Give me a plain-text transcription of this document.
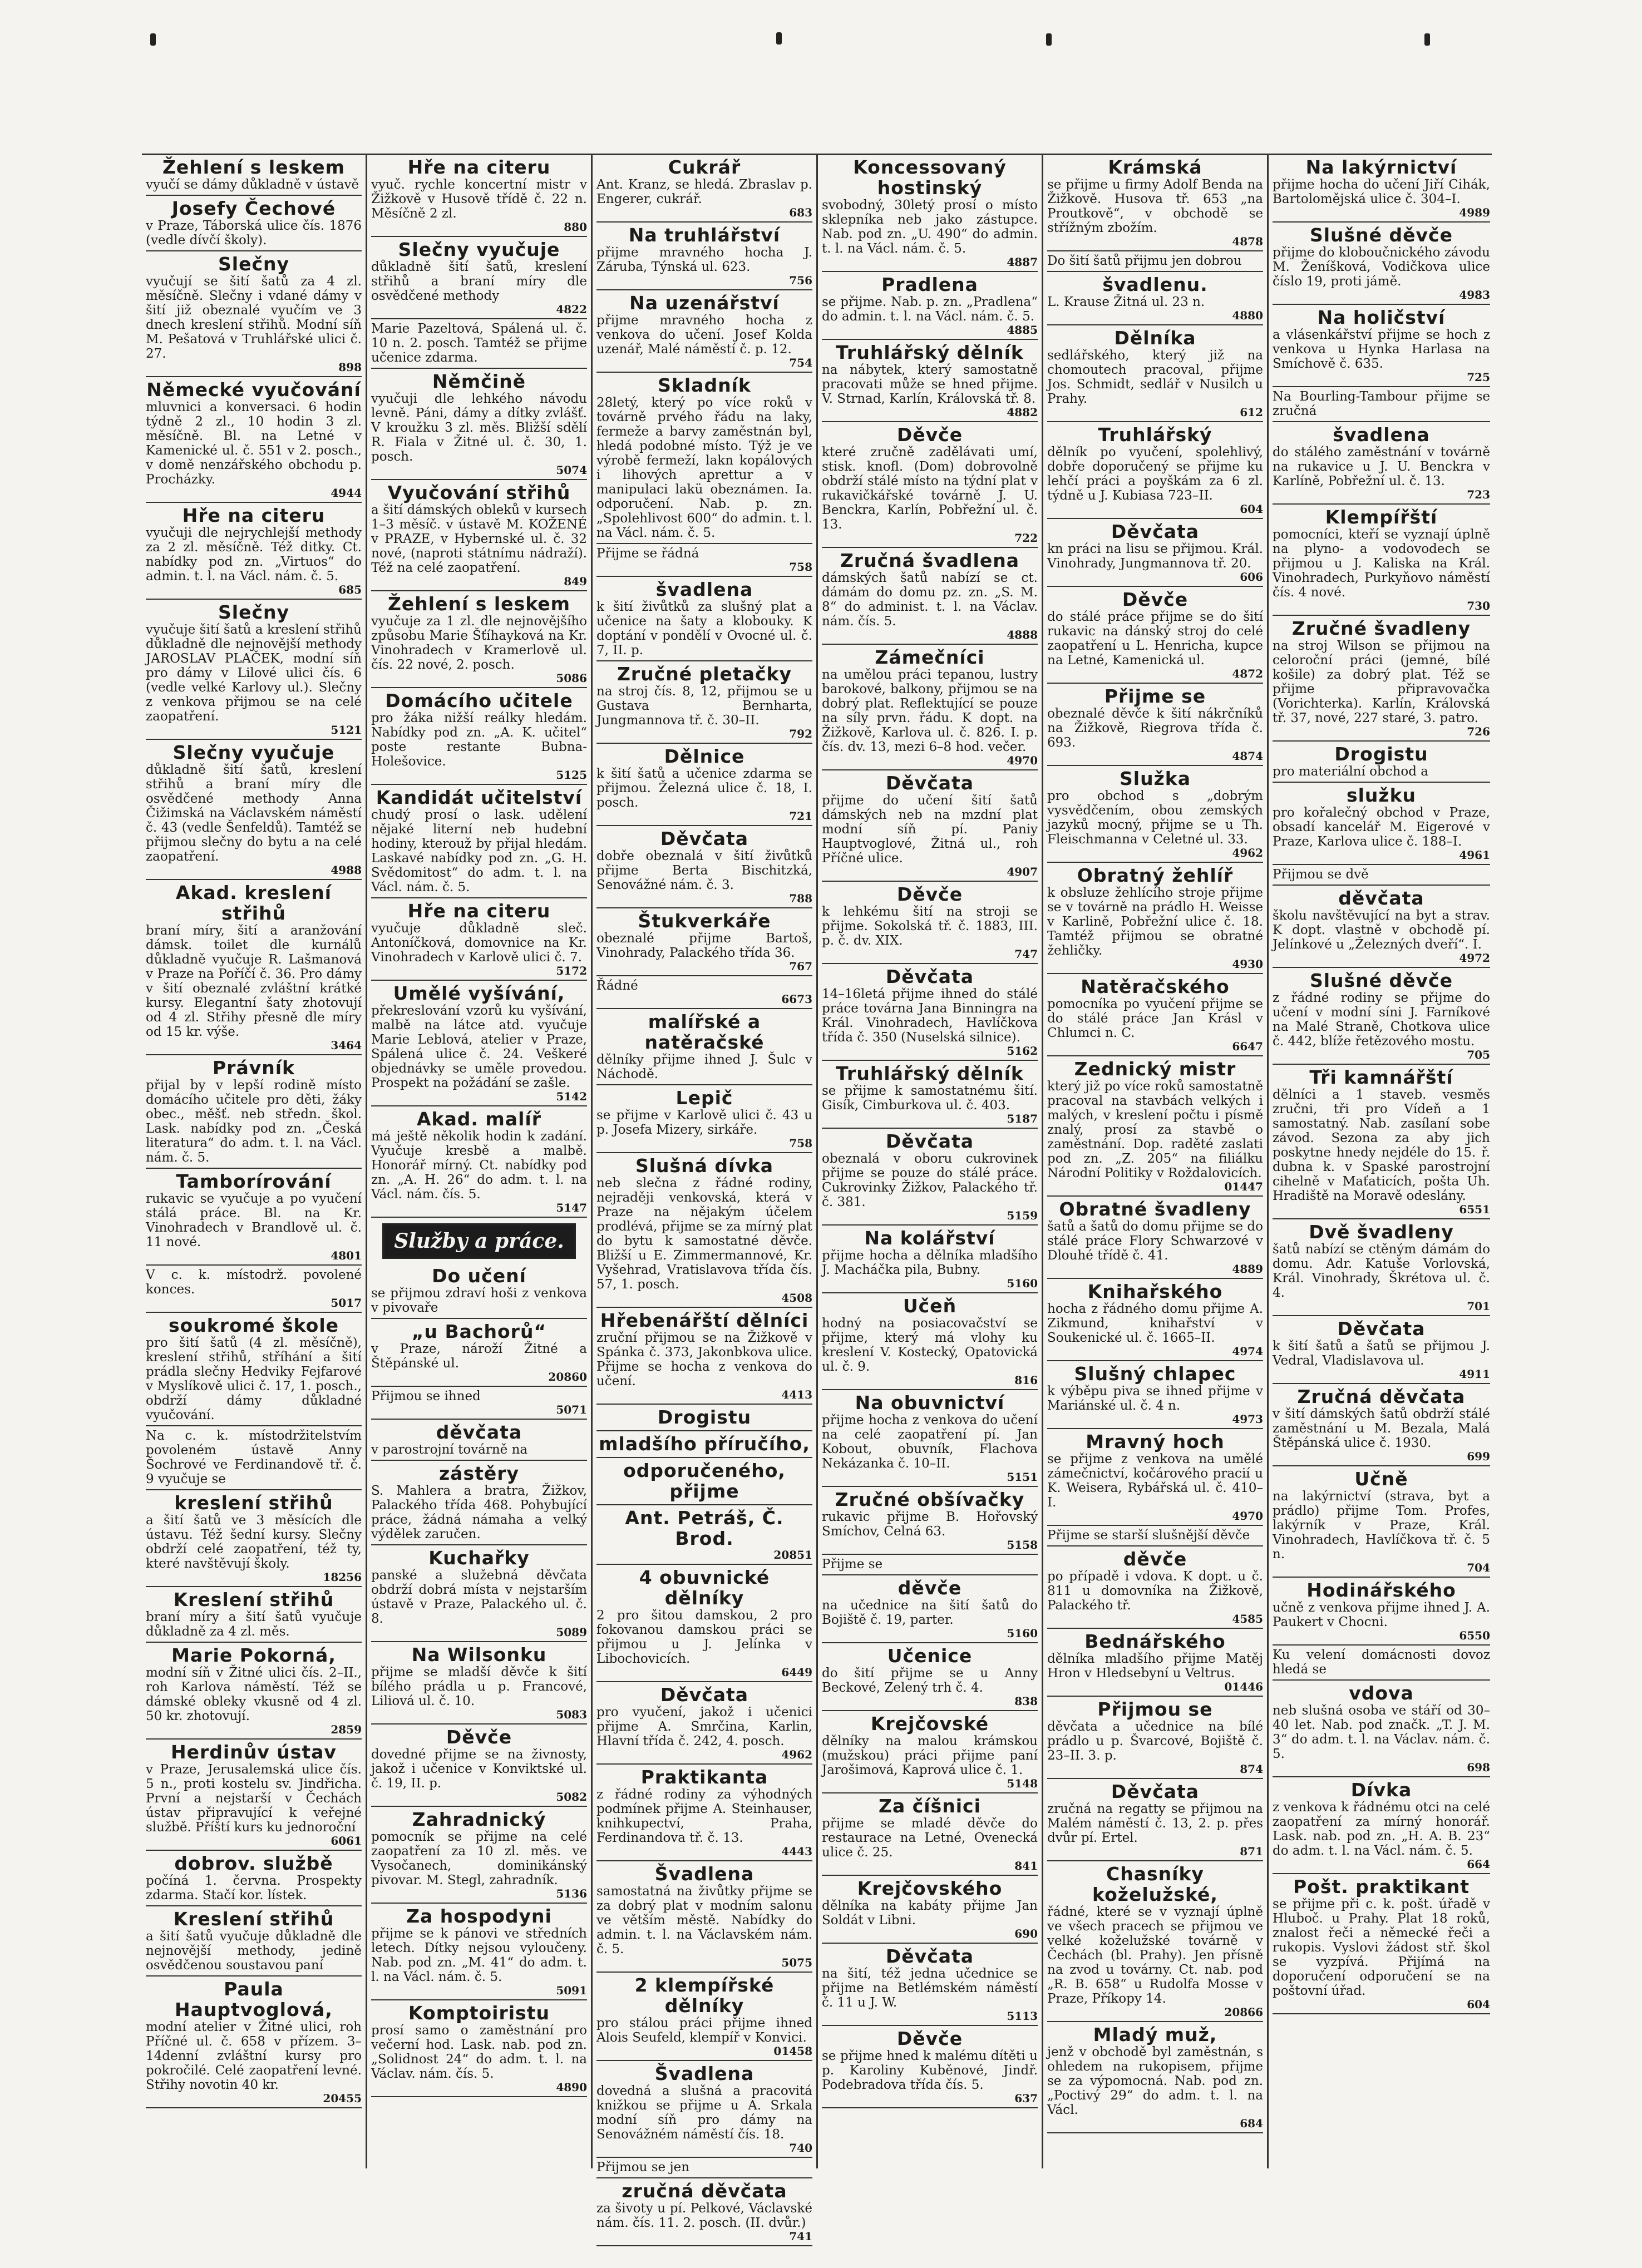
Žehlení s leskem
vyučí se dámy důkladně v ústavě
Josefy Čechové
v Praze, Táborská ulice čís. 1876 (vedle dívčí školy).
Slečny
vyučují se šití šatů za 4 zl. měsíčně. Slečny i vdané dámy v šití již obeznalé vyučím ve 3 dnech kreslení střihů. Modní síň M. Pešatová v Truhlářské ulici č. 27.
898
Německé vyučování
mluvnici a konversaci. 6 hodin týdně 2 zl., 10 hodin 3 zl. měsíčně. Bl. na Letné v Kamenické ul. č. 551 v 2. posch., v domě nenzářského obchodu p. Procházky.
4944
Hře na citeru
vyučuji dle nejrychlejší methody za 2 zl. měsíčně. Též ditky. Ct. nabídky pod zn. „Virtuos“ do admin. t. l. na Václ. nám. č. 5.
685
Slečny
vyučuje šití šatů a kreslení střihů důkladně dle nejnovější methody JAROSLAV PLAČEK, modní síň pro dámy v Lilové ulici čís. 6 (vedle velké Karlovy ul.). Slečny z venkova přijmou se na celé zaopatření.
5121
Slečny vyučuje
důkladně šití šatů, kreslení střihů a braní míry dle osvědčené methody Anna Čižimská na Václavském náměstí č. 43 (vedle Šenfeldů). Tamtéž se přijmou slečny do bytu a na celé zaopatření.
4988
Akad. kreslení střihů
braní míry, šití a aranžování dámsk. toilet dle kurnálů důkladně vyučuje R. Lašmanová v Praze na Poříčí č. 36. Pro dámy v šití obeznalé zvláštní krátké kursy. Elegantní šaty zhotovují od 4 zl. Střihy přesně dle míry od 15 kr. výše.
3464
Právník
přijal by v lepší rodině místo domácího učitele pro děti, žáky obec., měšť. neb středn. škol. Lask. nabídky pod zn. „Česká literatura“ do adm. t. l. na Václ. nám. č. 5.
Tamborírování
rukavic se vyučuje a po vyučení stálá práce. Bl. na Kr. Vinohradech v Brandlově ul. č. 11 nové.
4801
V c. k. místodrž. povolené konces.
5017
soukromé škole
pro šití šatů (4 zl. měsíčně), kreslení střihů, stříhání a šití prádla slečny Hedviky Fejfarové v Myslíkově ulici č. 17, 1. posch., obdrží dámy důkladné vyučování.
Na c. k. místodržitelstvím povoleném ústavě Anny Šochrové ve Ferdinandově tř. č. 9 vyučuje se
kreslení střihů
a šití šatů ve 3 měsících dle ústavu. Též šední kursy. Slečny obdrží celé zaopatření, též ty, které navštěvují školy.
18256
Kreslení střihů
braní míry a šití šatů vyučuje důkladně za 4 zl. měs.
Marie Pokorná,
modní síň v Žitné ulici čís. 2–II., roh Karlova náměstí. Též se dámské obleky vkusně od 4 zl. 50 kr. zhotovují.
2859
Herdinův ústav
v Praze, Jerusalemská ulice čís. 5 n., proti kostelu sv. Jindřicha. První a nejstarší v Čechách ústav připravující k veřejné službě. Příští kurs ku jednoroční
6061
dobrov. službě
počíná 1. června. Prospekty zdarma. Stačí kor. lístek.
Kreslení střihů
a šití šatů vyučuje důkladně dle nejnovější methody, jedině osvědčenou soustavou paní
Paula Hauptvoglová,
modní atelier v Žitné ulici, roh Příčné ul. č. 658 v přízem. 3–14denní zvláštní kursy pro pokročilé. Celé zaopatření levné. Střihy novotin 40 kr.
20455
Hře na citeru
vyuč. rychle koncertní mistr v Žižkově v Husově třídě č. 22 n. Měsíčně 2 zl.
880
Slečny vyučuje
důkladně šití šatů, kreslení střihů a braní míry dle osvědčené methody
4822
Marie Pazeltová, Spálená ul. č. 10 n. 2. posch. Tamtéž se přijme učenice zdarma.
Němčině
vyučuji dle lehkého návodu levně. Páni, dámy a dítky zvlášť. V kroužku 3 zl. měs. Bližší sdělí R. Fiala v Žitné ul. č. 30, 1. posch.
5074
Vyučování střihů
a šití dámských obleků v kursech 1–3 měsíč. v ústavě M. KOŽENÉ v PRAZE, v Hybernské ul. č. 32 nové, (naproti státnímu nádraží). Též na celé zaopatření.
849
Žehlení s leskem
vyučuje za 1 zl. dle nejnovějšího způsobu Marie Šťíhayková na Kr. Vinohradech v Kramerlově ul. čís. 22 nové, 2. posch.
5086
Domácího učitele
pro žáka nižší reálky hledám. Nabídky pod zn. „A. K. učitel“ poste restante Bubna-Holešovice.
5125
Kandidát učitelství
chudý prosí o lask. udělení nějaké literní neb hudební hodiny, kterouž by přijal hledám. Laskavé nabídky pod zn. „G. H. Svědomitost“ do adm. t. l. na Václ. nám. č. 5.
Hře na citeru
vyučuje důkladně sleč. Antoníčková, domovnice na Kr. Vinohradech v Karlově ulici č. 7.
5172
Umělé vyšívání,
překreslování vzorů ku vyšívání, malbě na látce atd. vyučuje Marie Leblová, atelier v Praze, Spálená ulice č. 24. Veškeré objednávky se uměle provedou. Prospekt na požádání se zašle.
5142
Akad. malíř
má ještě několik hodin k zadání. Vyučuje kresbě a malbě. Honorář mírný. Ct. nabídky pod zn. „A. H. 26“ do adm. t. l. na Václ. nám. čís. 5.
5147
Služby a práce.
Do učení
se přijmou zdraví hoši z venkova v pivovaře
„u Bachorů“
v Praze, nároží Žitné a Štěpánské ul.
20860
Přijmou se ihned
5071
děvčata
v parostrojní továrně na
zástěry
S. Mahlera a bratra, Žižkov, Palackého třída 468. Pohybující práce, žádná námaha a velký výdělek zaručen.
Kuchařky
panské a služebná děvčata obdrží dobrá místa v nejstarším ústavě v Praze, Palackého ul. č. 8.
5089
Na Wilsonku
přijme se mladší děvče k šití bílého prádla u p. Francové, Liliová ul. č. 10.
5083
Děvče
dovedné přijme se na živnosty, jakož i učenice v Konviktské ul. č. 19, II. p.
5082
Zahradnický
pomocník se přijme na celé zaopatření za 10 zl. měs. ve Vysočanech, dominikánský pivovar. M. Stegl, zahradník.
5136
Za hospodyni
přijme se k pánovi ve středních letech. Dítky nejsou vyloučeny. Nab. pod zn. „M. 41“ do adm. t. l. na Václ. nám. č. 5.
5091
Komptoiristu
prosí samo o zaměstnání pro večerní hod. Lask. nab. pod zn. „Solidnost 24“ do adm. t. l. na Václav. nám. čís. 5.
4890
Cukrář
Ant. Kranz, se hledá. Zbraslav p. Engerer, cukrář.
683
Na truhlářství
přijme mravného hocha J. Záruba, Týnská ul. 623.
756
Na uzenářství
přijme mravného hocha z venkova do učení. Josef Kolda uzenář, Malé náměstí č. p. 12.
754
Skladník
28letý, který po více roků v továrně prvého řádu na laky, fermeže a barvy zaměstnán byl, hledá podobné místo. Týž je ve výrobě fermeží, lakn kopálových i lihových aprettur a v manipulaci lakü obeznámen. Ia. odporučení. Nab. p. zn. „Spolehlivost 600“ do admin. t. l. na Václ. nám. č. 5.
Přijme se řádná
758
švadlena
k šití živůtků za slušný plat a učenice na šaty a klobouky. K doptání v pondělí v Ovocné ul. č. 7, II. p.
Zručné pletačky
na stroj čís. 8, 12, přijmou se u Gustava Bernharta, Jungmannova tř. č. 30–II.
792
Dělnice
k šití šatů a učenice zdarma se přijmou. Železná ulice č. 18, I. posch.
721
Děvčata
dobře obeznalá v šití živůtků přijme Berta Bischitzká, Senovážné nám. č. 3.
788
Štukverkáře
obeznalé přijme Bartoš, Vinohrady, Palackého třída 36.
767
Řádné
6673
malířské a natěračské
dělníky přijme ihned J. Šulc v Náchodě.
Lepič
se přijme v Karlově ulici č. 43 u p. Josefa Mizery, sirkáře.
758
Slušná dívka
neb slečna z řádné rodiny, nejraději venkovská, která v Praze na nějakým účelem prodlévá, přijme se za mírný plat do bytu k samostatné děvče. Bližší u E. Zimmermannové, Kr. Vyšehrad, Vratislavova třída čís. 57, 1. posch.
4508
Hřebenářští dělníci
zruční přijmou se na Žižkově v Spánka č. 373, Jakonbkova ulice. Přijme se hocha z venkova do učení.
4413
Drogistu
mladšího příručího,
odporučeného, přijme
Ant. Petráš, Č. Brod.
20851
4 obuvnické dělníky
2 pro šitou damskou, 2 pro fokovanou damskou práci se přijmou u J. Jelínka v Libochovicích.
6449
Děvčata
pro vyučení, jakož i učenici přijme A. Smrčina, Karlin, Hlavní třída č. 242, 4. posch.
4962
Praktikanta
z řádné rodiny za výhodných podmínek přijme A. Steinhauser, knihkupectví, Praha, Ferdinandova tř. č. 13.
4443
Švadlena
samostatná na živůtky přijme se za dobrý plat v modním salonu ve větším městě. Nabídky do admin. t. l. na Václavském nám. č. 5.
5075
2 klempířské dělníky
pro stálou práci přijme ihned Alois Seufeld, klempíř v Konvici.
01458
Švadlena
dovedná a slušná a pracovitá knižkou se přijme u A. Srkala modní síň pro dámy na Senovážném náměstí čís. 18.
740
Přijmou se jen
zručná děvčata
za šivoty u pí. Pelkové, Václavské nám. čís. 11. 2. posch. (II. dvůr.)
741
Koncessovaný hostinský
svobodný, 30letý prosí o místo sklepníka neb jako zástupce. Nab. pod zn. „U. 490“ do admin. t. l. na Václ. nám. č. 5.
4887
Pradlena
se přijme. Nab. p. zn. „Pradlena“ do admin. t. l. na Václ. nám. č. 5.
4885
Truhlářský dělník
na nábytek, který samostatně pracovati může se hned přijme. V. Strnad, Karlín, Královská tř. 8.
4882
Děvče
které zručně zadělávati umí, stisk. knofl. (Dom) dobrovolně obdrží stálé místo na týdní plat v rukavičkářské továrně J. U. Benckra, Karlín, Pobřežní ul. č. 13.
722
Zručná švadlena
dámských šatů nabízí se ct. dámám do domu pz. zn. „S. M. 8“ do administ. t. l. na Václav. nám. čís. 5.
4888
Zámečníci
na umělou práci tepanou, lustry barokové, balkony, přijmou se na dobrý plat. Reflektující se pouze na síly prvn. řádu. K dopt. na Žižkově, Karlova ul. č. 826. I. p. čís. dv. 13, mezi 6–8 hod. večer.
4970
Děvčata
přijme do učení šití šatů dámských neb na mzdní plat modní síň pí. Paniy Hauptvoglové, Žitná ul., roh Příčné ulice.
4907
Děvče
k lehkému šití na stroji se přijme. Sokolská tř. č. 1883, III. p. č. dv. XIX.
747
Děvčata
14–16letá přijme ihned do stálé práce továrna Jana Binningra na Král. Vinohradech, Havlíčkova třída č. 350 (Nuselská silnice).
5162
Truhlářský dělník
se přijme k samostatnému šití. Gisík, Cimburkova ul. č. 403.
5187
Děvčata
obeznalá v oboru cukrovinek přijme se pouze do stálé práce. Cukrovinky Žižkov, Palackého tř. č. 381.
5159
Na kolářství
přijme hocha a dělníka mladšího J. Macháčka pila, Bubny.
5160
Učeň
hodný na posiacovačství se přijme, který má vlohy ku kreslení V. Kostecký, Opatovická ul. č. 9.
816
Na obuvnictví
přijme hocha z venkova do učení na celé zaopatření pí. Jan Kobout, obuvník, Flachova Nekázanka č. 10–II.
5151
Zručné obšívačky
rukavic přijme B. Hořovský Smíchov, Celná 63.
5158
Přijme se
děvče
na učednice na šití šatů do Bojiště č. 19, parter.
5160
Učenice
do šití přijme se u Anny Beckové, Zelený trh č. 4.
838
Krejčovské
dělníky na malou krámskou (mužskou) práci přijme paní Jarošimová, Kaprová ulice č. 1.
5148
Za číšnici
přijme se mladé děvče do restaurace na Letné, Ovenecká ulice č. 25.
841
Krejčovského
dělníka na kabáty přijme Jan Soldát v Libni.
690
Děvčata
na šití, též jedna učednice se přijme na Betlémském náměstí č. 11 u J. W.
5113
Děvče
se přijme hned k malému dítěti u p. Karoliny Kuběnové, Jindř. Podebradova třída čís. 5.
637
Krámská
se přijme u firmy Adolf Benda na Žižkově. Husova tř. 653 „na Proutkově“, v obchodě se střížným zbožím.
4878
Do šití šatů přijmu jen dobrou
švadlenu.
L. Krause Žitná ul. 23 n.
4880
Dělníka
sedlářského, který již na chomoutech pracoval, přijme Jos. Schmidt, sedlář v Nusilch u Prahy.
612
Truhlářský
dělník po vyučení, spolehlivý, dobře doporučený se přijme ku lehčí práci a poyškám za 6 zl. týdně u J. Kubiasa 723–II.
604
Děvčata
kn práci na lisu se přijmou. Král. Vinohrady, Jungmannova tř. 20.
606
Děvče
do stálé práce přijme se do šití rukavic na dánský stroj do celé zaopatření u L. Henricha, kupce na Letné, Kamenická ul.
4872
Přijme se
obeznalé děvče k šití nákrčníků na Žižkově, Riegrova třída č. 693.
4874
Služka
pro obchod s „dobrým vysvědčením, obou zemských jazyků mocný, přijme se u Th. Fleischmanna v Celetné ul. 33.
4962
Obratný žehlíř
k obsluze žehlícího stroje přijme se v továrně na prádlo H. Weisse v Karlině, Pobřežní ulice č. 18. Tamtéž přijmou se obratné žehličky.
4930
Natěračského
pomocníka po vyučení přijme se do stálé práce Jan Krásl v Chlumci n. C.
6647
Zednický mistr
který již po více roků samostatně pracoval na stavbách velkých i malých, v kreslení počtu i písmě znalý, prosí za stavbě o zaměstnání. Dop. raděté zaslati pod zn. „Z. 205“ na filiálku Národní Politiky v Roždalovicích.
01447
Obratné švadleny
šatů a šatů do domu přijme se do stálé práce Flory Schwarzové v Dlouhé třídě č. 41.
4889
Knihařského
hocha z řádného domu přijme A. Zikmund, knihařství v Soukenické ul. č. 1665–II.
4974
Slušný chlapec
k výběpu piva se ihned přijme v Mariánské ul. č. 4 n.
4973
Mravný hoch
se přijme z venkova na umělé zámečnictví, kočárového pracií u K. Weisera, Rybářská ul. č. 410–I.
4970
Přijme se starší slušnější děvče
děvče
po případě i vdova. K dopt. u č. 811 u domovníka na Žižkově, Palackého tř.
4585
Bednářského
dělníka mladšího přijme Matěj Hron v Hledsebyní u Veltrus.
01446
Přijmou se
děvčata a učednice na bílé prádlo u p. Švarcové, Bojiště č. 23–II. 3. p.
874
Děvčata
zručná na regatty se přijmou na Malém náměstí č. 13, 2. p. přes dvůr pí. Ertel.
871
Chasníky koželužské,
řádné, které se v vyznají úplně ve všech pracech se přijmou ve velké koželužské továrně v Čechách (bl. Prahy). Jen přísně na zvod u továrny. Ct. nab. pod „R. B. 658“ u Rudolfa Mosse v Praze, Příkopy 14.
20866
Mladý muž,
jenž v obchodě byl zaměstnán, s ohledem na rukopisem, přijme se za výpomocná. Nab. pod zn. „Poctivý 29“ do adm. t. l. na Václ.
684
Na lakýrnictví
přijme hocha do učení Jiří Cihák, Bartolomějská ulice č. 304–I.
4989
Slušné děvče
přijme do kloboučnického závodu M. Ženíšková, Vodičkova ulice číslo 19, proti jámě.
4983
Na holičství
a vlásenkářství přijme se hoch z venkova u Hynka Harlasa na Smíchově č. 635.
725
Na Bourling-Tambour přijme se zručná
švadlena
do stálého zaměstnání v továrně na rukavice u J. U. Benckra v Karlíně, Pobřežní ul. č. 13.
723
Klempířští
pomocníci, kteří se vyznají úplně na plyno- a vodovodech se přijmou u J. Kaliska na Král. Vinohradech, Purkyňovo náměstí čís. 4 nové.
730
Zručné švadleny
na stroj Wilson se přijmou na celoroční práci (jemné, bílé košile) za dobrý plat. Též se přijme připravovačka (Vorichterka). Karlín, Královská tř. 37, nové, 227 staré, 3. patro.
726
Drogistu
pro materiální obchod a
služku
pro kořalečný obchod v Praze, obsadí kancelář M. Eigerové v Praze, Karlova ulice č. 188–I.
4961
Přijmou se dvě
děvčata
školu navštěvující na byt a strav. K dopt. vlastně v obchodě pí. Jelínkové u „Železných dveří“. I.
4972
Slušné děvče
z řádné rodiny se přijme do učení v modní síni J. Farníkové na Malé Straně, Chotkova ulice č. 442, blíže řetězového mostu.
705
Tři kamnářští
dělníci a 1 staveb. vesměs zručni, tři pro Vídeň a 1 samostatný. Nab. zasílaní sobe závod. Sezona za aby jich poskytne hnedy nejdéle do 15. ř. dubna k. v Spaské parostrojní cihelně v Maťaticích, pošta Uh. Hradiště na Moravě odeslány.
6551
Dvě švadleny
šatů nabízí se ctěným dámám do domu. Adr. Katuše Vorlovská, Král. Vinohrady, Škrétova ul. č. 4.
701
Děvčata
k šití šatů a šatů se přijmou J. Vedral, Vladislavova ul.
4911
Zručná děvčata
v šití dámských šatů obdrží stálé zaměstnání u M. Bezala, Malá Štěpánská ulice č. 1930.
699
Učně
na lakýrnictví (strava, byt a prádlo) přijme Tom. Profes, lakýrník v Praze, Král. Vinohradech, Havlíčkova tř. č. 5 n.
704
Hodinářského
učně z venkova přijme ihned J. A. Paukert v Chocni.
6550
Ku velení domácnosti dovoz hledá se
vdova
neb slušná osoba ve stáří od 30–40 let. Nab. pod značk. „T. J. M. 3“ do adm. t. l. na Václav. nám. č. 5.
698
Dívka
z venkova k řádnému otci na celé zaopatření za mírný honorář. Lask. nab. pod zn. „H. A. B. 23“ do adm. t. l. na Václ. nám. č. 5.
664
Pošt. praktikant
se přijme při c. k. pošt. úřadě v Hluboč. u Prahy. Plat 18 roků, znalost řeči a německé řeči a rukopis. Vyslovi žádost stř. škol se vyzpívá. Přijímá na doporučení odporučení se na poštovní úřad.
604
